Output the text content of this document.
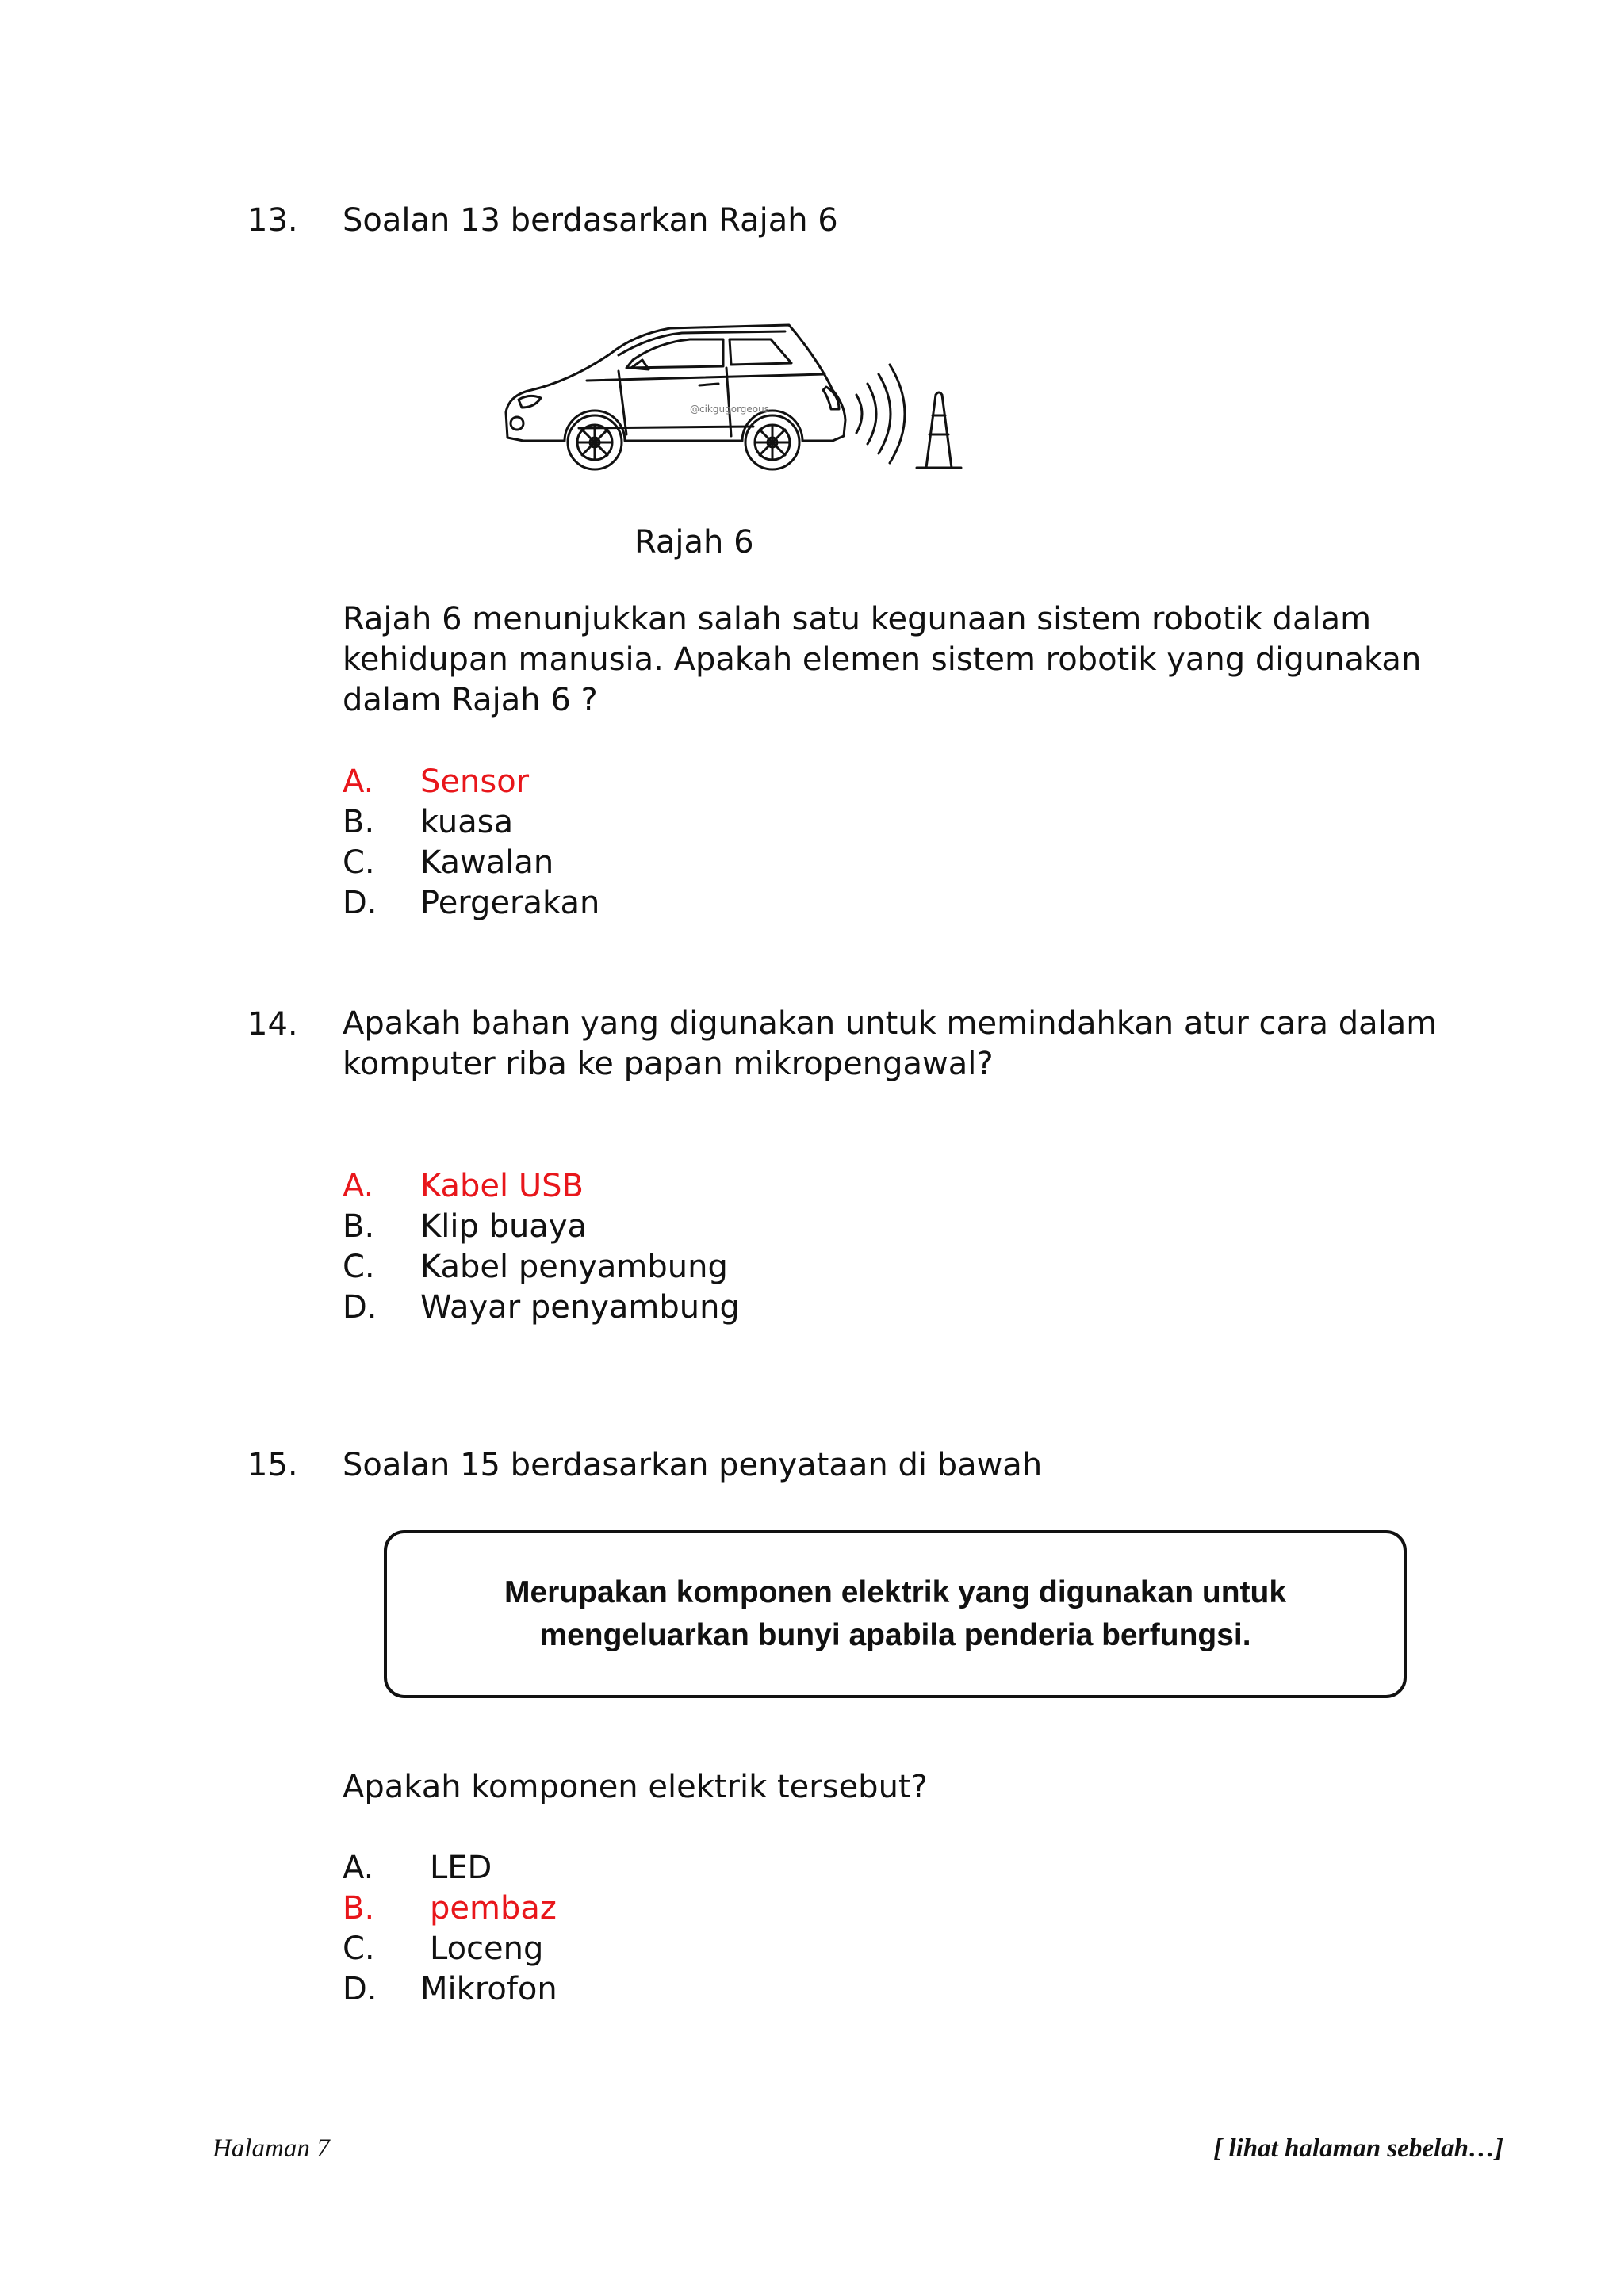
13. Soalan 13 berdasarkan Rajah 6
@cikgugorgeous
Rajah 6
Rajah 6 menunjukkan salah satu kegunaan sistem robotik dalam
kehidupan manusia. Apakah elemen sistem robotik yang digunakan
dalam Rajah 6 ?
A. Sensor
B. kuasa
C. Kawalan
D. Pergerakan
14. Apakah bahan yang digunakan untuk memindahkan atur cara dalam
komputer riba ke papan mikropengawal?
A. Kabel USB
B. Klip buaya
C. Kabel penyambung
D. Wayar penyambung
15. Soalan 15 berdasarkan penyataan di bawah
Merupakan komponen elektrik yang digunakan untuk
mengeluarkan bunyi apabila penderia berfungsi.
Apakah komponen elektrik tersebut?
A. LED
B. pembaz
C. Loceng
D. Mikrofon
Halaman 7	[ lihat halaman sebelah…]
